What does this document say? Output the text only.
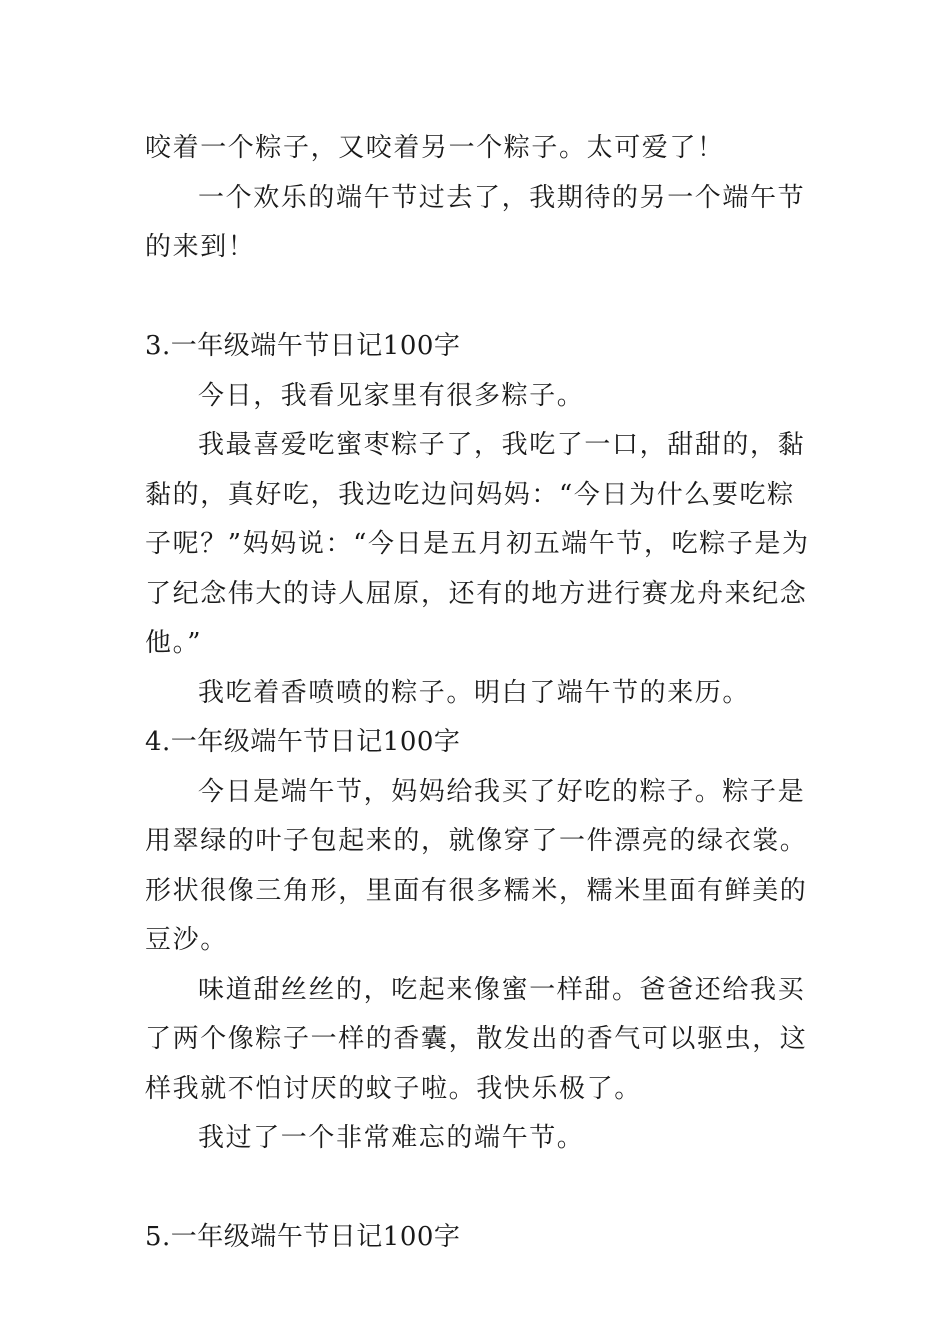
咬着一个粽子，又咬着另一个粽子。太可爱了！

一个欢乐的端午节过去了，我期待的另一个端午节的来到！

3.一年级端午节日记100字

今日，我看见家里有很多粽子。

我最喜爱吃蜜枣粽子了，我吃了一口，甜甜的，黏黏的，真好吃，我边吃边问妈妈：“今日为什么要吃粽子呢？”妈妈说：“今日是五月初五端午节，吃粽子是为了纪念伟大的诗人屈原，还有的地方进行赛龙舟来纪念他。”

我吃着香喷喷的粽子。明白了端午节的来历。

4.一年级端午节日记100字

今日是端午节，妈妈给我买了好吃的粽子。粽子是用翠绿的叶子包起来的，就像穿了一件漂亮的绿衣裳。形状很像三角形，里面有很多糯米，糯米里面有鲜美的豆沙。

味道甜丝丝的，吃起来像蜜一样甜。爸爸还给我买了两个像粽子一样的香囊，散发出的香气可以驱虫，这样我就不怕讨厌的蚊子啦。我快乐极了。

我过了一个非常难忘的端午节。

5.一年级端午节日记100字
